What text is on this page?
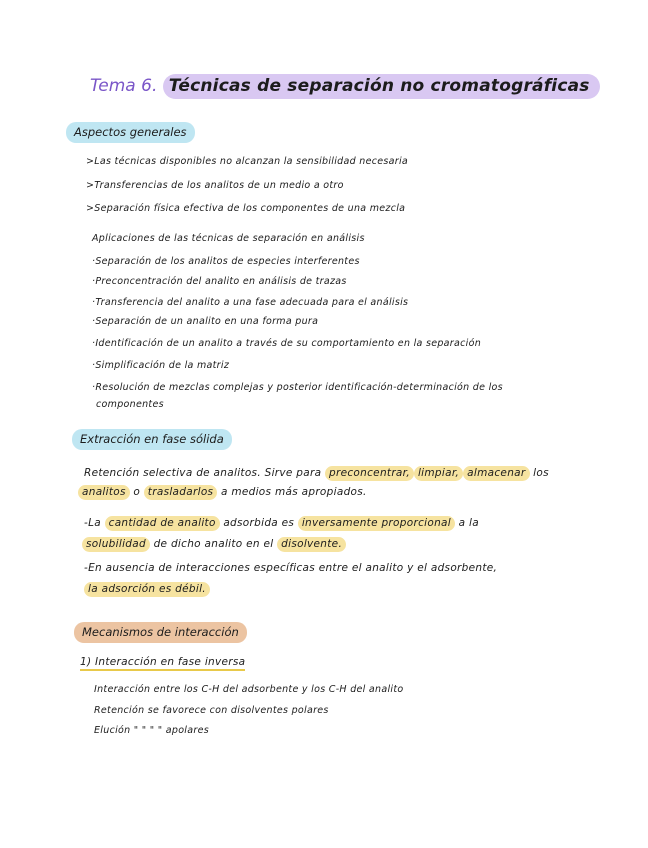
Tema 6. Técnicas de separación no cromatográficas
Aspectos generales
>Las técnicas disponibles no alcanzan la sensibilidad necesaria
>Transferencias de los analitos de un medio a otro
>Separación física efectiva de los componentes de una mezcla
Aplicaciones de las técnicas de separación en análisis
·Separación de los analitos de especies interferentes
·Preconcentración del analito en análisis de trazas
·Transferencia del analito a una fase adecuada para el análisis
·Separación de un analito en una forma pura
·Identificación de un analito a través de su comportamiento en la separación
·Simplificación de la matriz
·Resolución de mezclas complejas y posterior identificación-determinación de los
componentes
Extracción en fase sólida
Retención selectiva de analitos. Sirve para preconcentrar, limpiar, almacenar los
analitos o trasladarlos a medios más apropiados.
-La cantidad de analito adsorbida es inversamente proporcional a la
solubilidad de dicho analito en el disolvente.
-En ausencia de interacciones específicas entre el analito y el adsorbente,
la adsorción es débil.
Mecanismos de interacción
1) Interacción en fase inversa
Interacción entre los C-H del adsorbente y los C-H del analito
Retención se favorece con disolventes polares
Elución " " " " apolares
